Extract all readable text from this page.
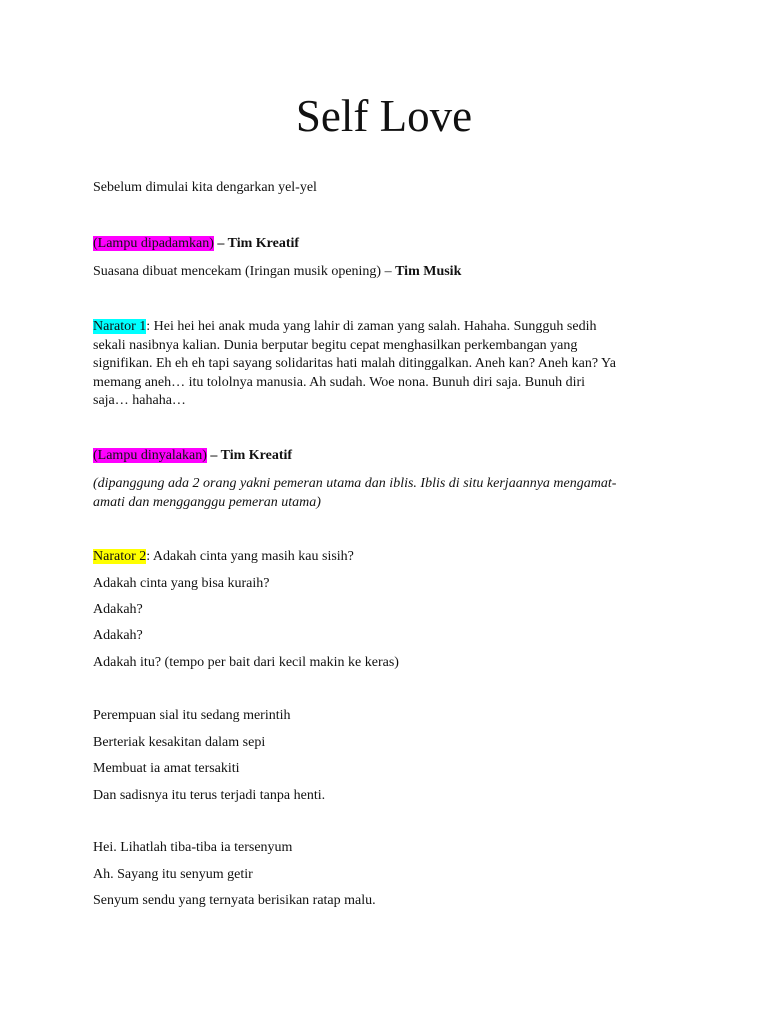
Self Love

Sebelum dimulai kita dengarkan yel-yel

(Lampu dipadamkan) – Tim Kreatif

Suasana dibuat mencekam (Iringan musik opening) – Tim Musik

Narator 1: Hei hei hei anak muda yang lahir di zaman yang salah. Hahaha. Sungguh sedih
sekali nasibnya kalian. Dunia berputar begitu cepat menghasilkan perkembangan yang
signifikan. Eh eh eh tapi sayang solidaritas hati malah ditinggalkan. Aneh kan? Aneh kan? Ya
memang aneh… itu tololnya manusia. Ah sudah. Woe nona. Bunuh diri saja. Bunuh diri
saja… hahaha…

(Lampu dinyalakan) – Tim Kreatif

(dipanggung ada 2 orang yakni pemeran utama dan iblis. Iblis di situ kerjaannya mengamat-
amati dan mengganggu pemeran utama)

Narator 2: Adakah cinta yang masih kau sisih?

Adakah cinta yang bisa kuraih?

Adakah?

Adakah?

Adakah itu? (tempo per bait dari kecil makin ke keras)

Perempuan sial itu sedang merintih

Berteriak kesakitan dalam sepi

Membuat ia amat tersakiti

Dan sadisnya itu terus terjadi tanpa henti.

Hei. Lihatlah tiba-tiba ia tersenyum

Ah. Sayang itu senyum getir

Senyum sendu yang ternyata berisikan ratap malu.
